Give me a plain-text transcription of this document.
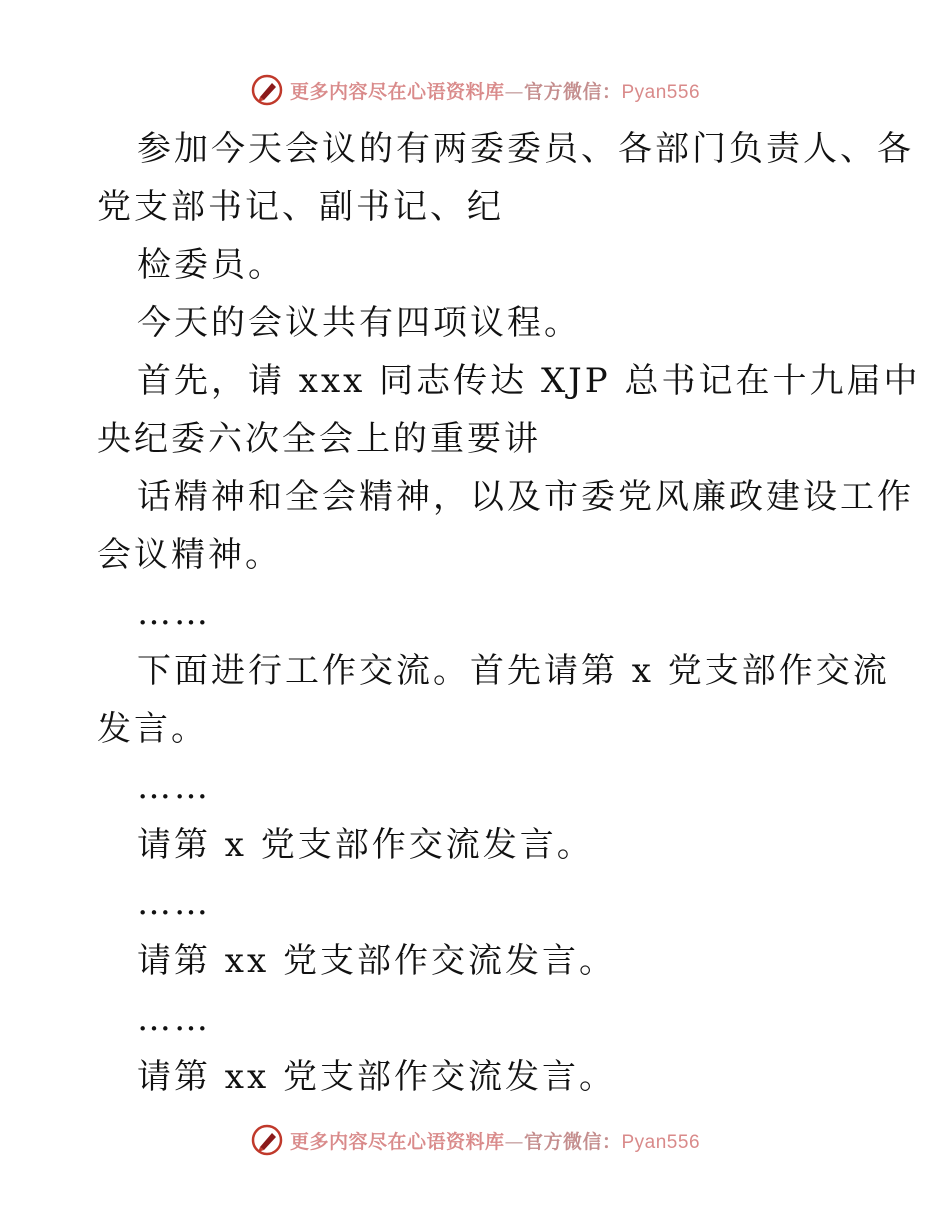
更多内容尽在心语资料库—官方微信：Pyan556
参加今天会议的有两委委员、各部门负责人、各
党支部书记、副书记、纪
检委员。
今天的会议共有四项议程。
首先，请 xxx 同志传达 XJP 总书记在十九届中
央纪委六次全会上的重要讲
话精神和全会精神，以及市委党风廉政建设工作
会议精神。
……
下面进行工作交流。首先请第 x 党支部作交流
发言。
……
请第 x 党支部作交流发言。
……
请第 xx 党支部作交流发言。
……
请第 xx 党支部作交流发言。
更多内容尽在心语资料库—官方微信：Pyan556
